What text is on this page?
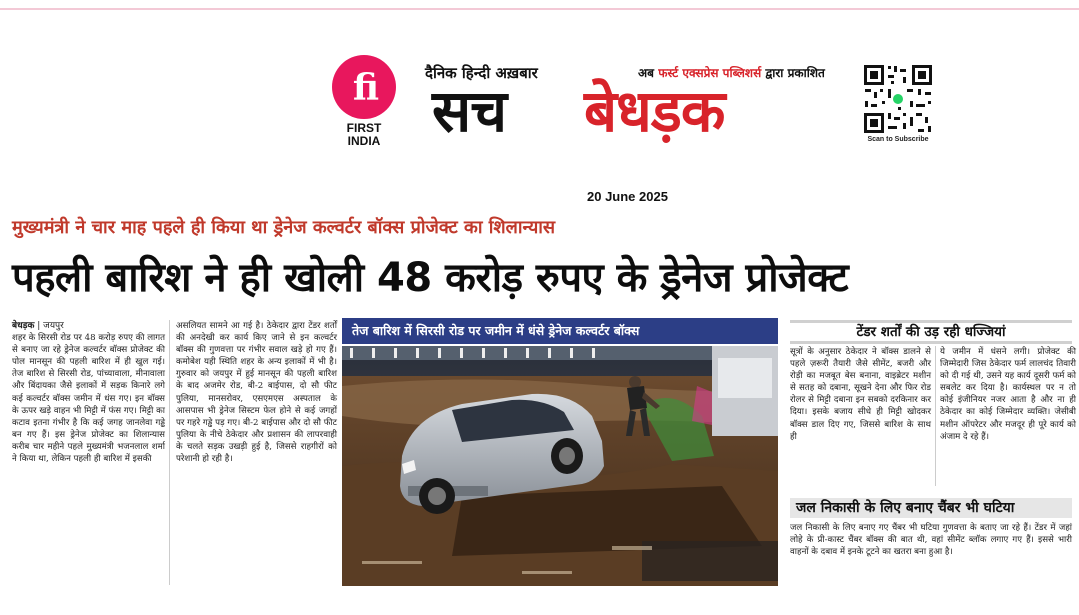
fi
FIRST
INDIA
दैनिक हिन्दी अख़बार	अब फर्स्ट एक्सप्रेस पब्लिशर्स द्वारा प्रकाशित
सच बेधड़क	Scan to Subscribe
20 June 2025
मुख्यमंत्री ने चार माह पहले ही किया था ड्रेनेज कल्वर्टर बॉक्स प्रोजेक्ट का शिलान्यास
पहली बारिश ने ही खोली 48 करोड़ रुपए के ड्रेनेज प्रोजेक्ट
बेधड़क | जयपुर
शहर के सिरसी रोड पर 48 करोड़ रुपए की लागत से बनाए जा रहे ड्रेनेज कल्वर्टर बॉक्स प्रोजेक्ट की पोल मानसून की पहली बारिश में ही खुल गई। तेज बारिश से सिरसी रोड, पांच्यावाला, मीनावाला और बिंदायका जैसे इलाकों में सड़क किनारे लगे कई कल्वर्टर बॉक्स जमीन में धंस गए। इन बॉक्स के ऊपर खड़े वाहन भी मिट्टी में फंस गए। मिट्टी का कटाव इतना गंभीर है कि कई जगह जानलेवा गड्ढे बन गए हैं। इस ड्रेनेज प्रोजेक्ट का शिलान्यास करीब चार महीने पहले मुख्यमंत्री भजनलाल शर्मा ने किया था, लेकिन पहली ही बारिश में इसकी
असलियत सामने आ गई है। ठेकेदार द्वारा टेंडर शर्तों की अनदेखी कर कार्य किए जाने से इन कल्वर्टर बॉक्स की गुणवत्ता पर गंभीर सवाल खड़े हो गए हैं। कमोबेश यही स्थिति शहर के अन्य इलाकों में भी है। गुरुवार को जयपुर में हुई मानसून की पहली बारिश के बाद अजमेर रोड, बी-2 बाईपास, दो सौ फीट पुलिया, मानसरोवर, एसएमएस अस्पताल के आसपास भी ड्रेनेज सिस्टम फेल होने से कई जगहों पर गहरे गड्ढे पड़ गए। बी-2 बाईपास और दो सौ फीट पुलिया के नीचे ठेकेदार और प्रशासन की लापरवाही के चलते सड़क उखड़ी हुई है, जिससे राहगीरों को परेशानी हो रही है।
तेज बारिश में सिरसी रोड पर जमीन में धंसे ड्रेनेज कल्वर्टर बॉक्स	टेंडर शर्तों की उड़ रही धज्जियां
सूत्रों के अनुसार ठेकेदार ने बॉक्स डालने से पहले ज़रूरी तैयारी जैसे सीमेंट, बजरी और रोड़ी का मजबूत बेस बनाना, वाइब्रेटर मशीन से सतह को दबाना, सूखने देना और फिर रोड रोलर से मिट्टी दबाना इन सबको दरकिनार कर दिया। इसके बजाय सीधे ही मिट्टी खोदकर बॉक्स डाल दिए गए, जिससे बारिश के साथ ही
ये जमीन में धंसने लगी। प्रोजेक्ट की जिम्मेदारी जिस ठेकेदार फर्म लालचंद तिवारी को दी गई थी, उसने यह कार्य दूसरी फर्म को सबलेट कर दिया है। कार्यस्थल पर न तो कोई इंजीनियर नजर आता है और ना ही ठेकेदार का कोई जिम्मेदार व्यक्ति। जेसीबी मशीन ऑपरेटर और मजदूर ही पूरे कार्य को अंजाम दे रहे हैं।
जल निकासी के लिए बनाए चैंबर भी घटिया
जल निकासी के लिए बनाए गए चैंबर भी घटिया गुणवत्ता के बताए जा रहे हैं। टेंडर में जहां लोहे के प्री-कास्ट चैंबर बॉक्स की बात थी, वहां सीमेंट ब्लॉक लगाए गए हैं। इससे भारी वाहनों के दबाव में इनके टूटने का खतरा बना हुआ है।
